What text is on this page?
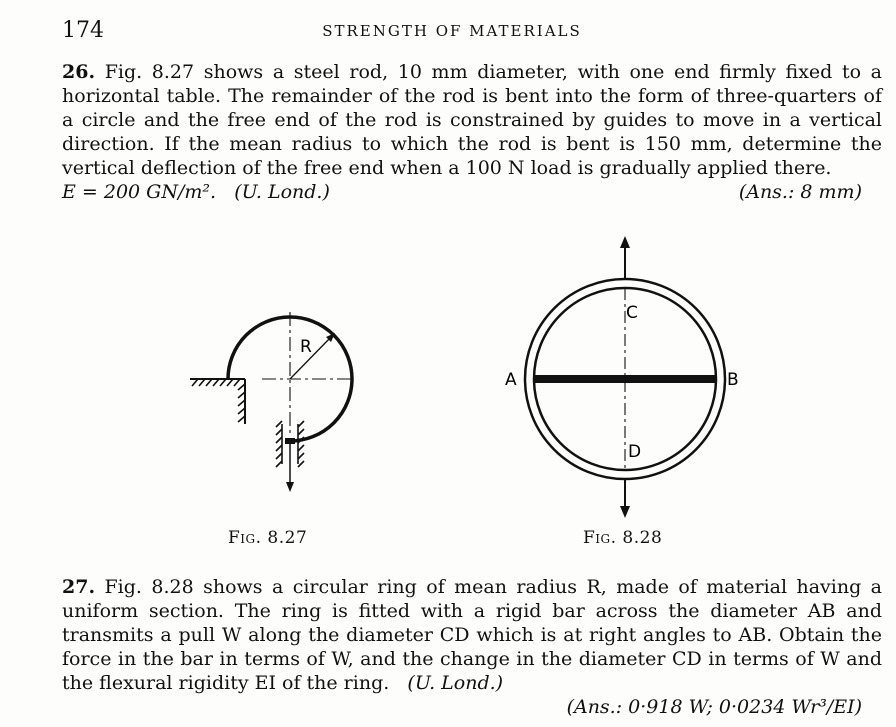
174	STRENGTH OF MATERIALS
26. Fig. 8.27 shows a steel rod, 10 mm diameter, with one end firmly fixed to a horizontal table. The remainder of the rod is bent into the form of three-quarters of a circle and the free end of the rod is constrained by guides to move in a vertical direction. If the mean radius to which the rod is bent is 150 mm, determine the vertical deflection of the free end when a 100 N load is gradually applied there.
E = 200 GN/m². (U. Lond.)	(Ans.: 8 mm)
R
A	B
C
D
Fig. 8.27	Fig. 8.28
27. Fig. 8.28 shows a circular ring of mean radius R, made of material having a uniform section. The ring is fitted with a rigid bar across the diameter AB and transmits a pull W along the diameter CD which is at right angles to AB. Obtain the force in the bar in terms of W, and the change in the diameter CD in terms of W and the flexural rigidity EI of the ring. (U. Lond.)
(Ans.: 0·918 W; 0·0234 Wr³/EI)
